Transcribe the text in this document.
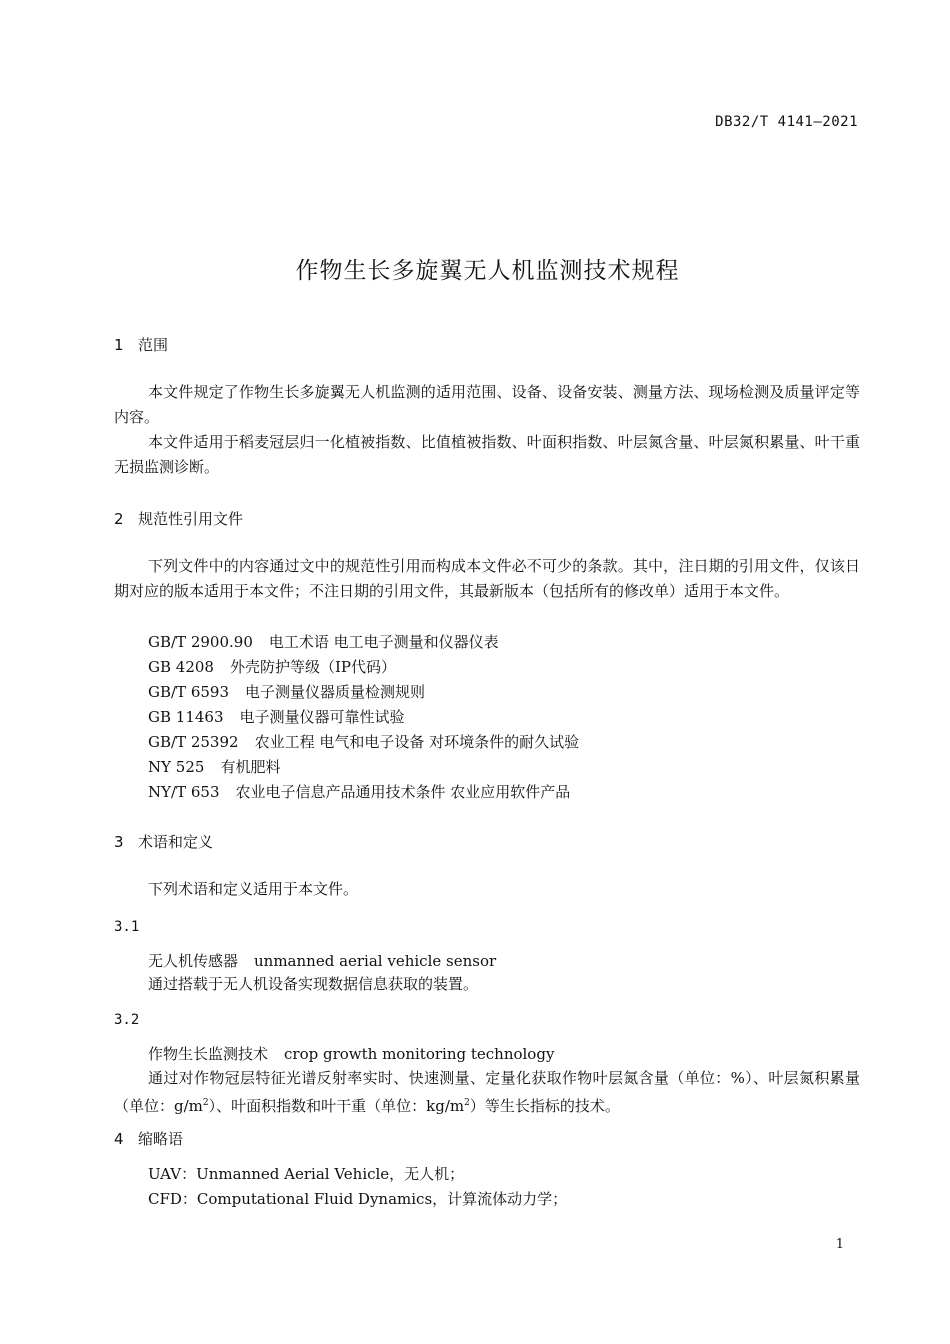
DB32/T 4141—2021
作物生长多旋翼无人机监测技术规程
1 范围
本文件规定了作物生长多旋翼无人机监测的适用范围、设备、设备安装、测量方法、现场检测及质量评定等内容。
本文件适用于稻麦冠层归一化植被指数、比值植被指数、叶面积指数、叶层氮含量、叶层氮积累量、叶干重无损监测诊断。
2 规范性引用文件
下列文件中的内容通过文中的规范性引用而构成本文件必不可少的条款。其中，注日期的引用文件，仅该日期对应的版本适用于本文件；不注日期的引用文件，其最新版本（包括所有的修改单）适用于本文件。
GB/T 2900.90 电工术语 电工电子测量和仪器仪表
GB 4208 外壳防护等级（IP代码）
GB/T 6593 电子测量仪器质量检测规则
GB 11463 电子测量仪器可靠性试验
GB/T 25392 农业工程 电气和电子设备 对环境条件的耐久试验
NY 525 有机肥料
NY/T 653 农业电子信息产品通用技术条件 农业应用软件产品
3 术语和定义
下列术语和定义适用于本文件。
3.1
无人机传感器 unmanned aerial vehicle sensor
通过搭载于无人机设备实现数据信息获取的装置。
3.2
作物生长监测技术 crop growth monitoring technology
通过对作物冠层特征光谱反射率实时、快速测量、定量化获取作物叶层氮含量（单位：%）、叶层氮积累量（单位：$g/m^2$）、叶面积指数和叶干重（单位：$kg/m^2$）等生长指标的技术。
4 缩略语
UAV：Unmanned Aerial Vehicle，无人机；
CFD：Computational Fluid Dynamics，计算流体动力学；
1
